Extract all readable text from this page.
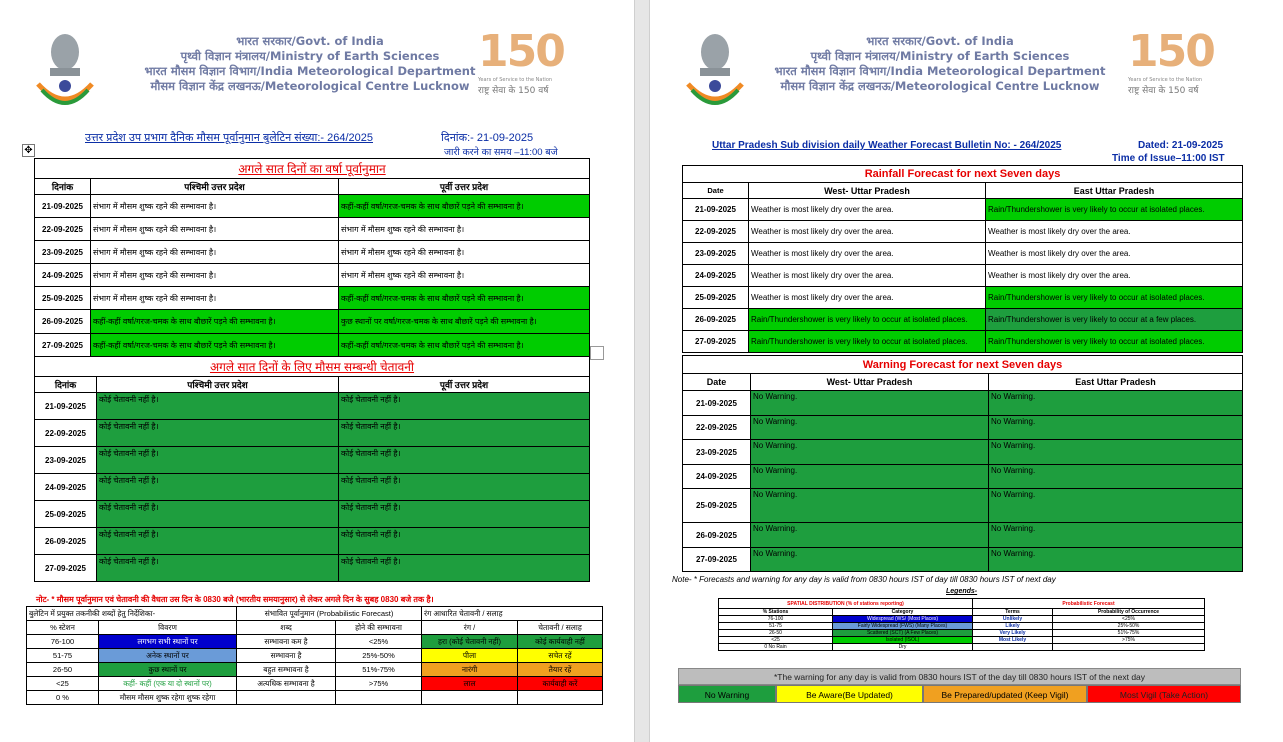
भारत सरकार/Govt. of India
पृथ्वी विज्ञान मंत्रालय/Ministry of Earth Sciences
भारत मौसम विज्ञान विभाग/India Meteorological Department
मौसम विज्ञान केंद्र लखनऊ/Meteorological Centre Lucknow
150
Years of Service to the Nation
राष्ट्र सेवा के 150 वर्ष
उत्तर प्रदेश उप प्रभाग दैनिक मौसम पूर्वानुमान बुलेटिन संख्या:- 264/2025	दिनांक:- 21-09-2025
जारी करने का समय –11:00 बजे
✥
अगले सात दिनों का वर्षा पूर्वानुमान		
दिनांक	पश्चिमी उत्तर प्रदेश	पूर्वी उत्तर प्रदेश
21-09-2025	संभाग में मौसम शुष्क रहने की सम्भावना है।	कहीं-कहीं वर्षा/गरज-चमक के साथ बौछारें पड़ने की सम्भावना है।
22-09-2025	संभाग में मौसम शुष्क रहने की सम्भावना है।	संभाग में मौसम शुष्क रहने की सम्भावना है।
23-09-2025	संभाग में मौसम शुष्क रहने की सम्भावना है।	संभाग में मौसम शुष्क रहने की सम्भावना है।
24-09-2025	संभाग में मौसम शुष्क रहने की सम्भावना है।	संभाग में मौसम शुष्क रहने की सम्भावना है।
25-09-2025	संभाग में मौसम शुष्क रहने की सम्भावना है।	कहीं-कहीं वर्षा/गरज-चमक के साथ बौछारें पड़ने की सम्भावना है।
26-09-2025	कहीं-कहीं वर्षा/गरज-चमक के साथ बौछारें पड़ने की सम्भावना है।	कुछ स्थानों पर वर्षा/गरज-चमक के साथ बौछारें पड़ने की सम्भावना है।
27-09-2025	कहीं-कहीं वर्षा/गरज-चमक के साथ बौछारें पड़ने की सम्भावना है।	कहीं-कहीं वर्षा/गरज-चमक के साथ बौछारें पड़ने की सम्भावना है।
अगले सात दिनों के लिए मौसम सम्बन्धी चेतावनी		
दिनांक	पश्चिमी उत्तर प्रदेश	पूर्वी उत्तर प्रदेश
21-09-2025	कोई चेतावनी नहीं है।	कोई चेतावनी नहीं है।
22-09-2025	कोई चेतावनी नहीं है।	कोई चेतावनी नहीं है।
23-09-2025	कोई चेतावनी नहीं है।	कोई चेतावनी नहीं है।
24-09-2025	कोई चेतावनी नहीं है।	कोई चेतावनी नहीं है।
25-09-2025	कोई चेतावनी नहीं है।	कोई चेतावनी नहीं है।
26-09-2025	कोई चेतावनी नहीं है।	कोई चेतावनी नहीं है।
27-09-2025	कोई चेतावनी नहीं है।	कोई चेतावनी नहीं है।
नोट- * मौसम पूर्वानुमान एवं चेतावनी की वैधता उस दिन के 0830 बजे (भारतीय समयानुसार) से लेकर अगले दिन के सुबह 0830 बजे तक है।
बुलेटिन में प्रयुक्त तकनीकी शब्दों हेतु निर्देशिका-		संभावित पूर्वानुमान (Probabilistic Forecast)		रंग आधारित चेतावनी / सलाह	
% स्टेशन	विवरण	शब्द	होने की सम्भावना	रंग /	चेतावनी / सलाह
76-100	लगभग सभी स्थानों पर	सम्भावना कम है	<25%	हरा (कोई चेतावनी नहीं)	कोई कार्यवाही नहीं
51-75	अनेक स्थानों पर	सम्भावना है	25%-50%	पीला	सचेत रहें
26-50	कुछ स्थानों पर	बहुत सम्भावना है	51%-75%	नारंगी	तैयार रहें
<25	कहीं- कहीं (एक या दो स्थानों पर)	अत्यधिक सम्भावना है	>75%	लाल	कार्यवाही करें
0 %	मौसम मौसम शुष्क रहेगा शुष्क रहेगा				
भारत सरकार/Govt. of India
पृथ्वी विज्ञान मंत्रालय/Ministry of Earth Sciences
भारत मौसम विज्ञान विभाग/India Meteorological Department
मौसम विज्ञान केंद्र लखनऊ/Meteorological Centre Lucknow
150
Years of Service to the Nation
राष्ट्र सेवा के 150 वर्ष
Uttar Pradesh Sub division daily Weather Forecast Bulletin No: - 264/2025	Dated: 21-09-2025
Time of Issue–11:00 IST
Rainfall Forecast for next Seven days		
Date	West- Uttar Pradesh	East Uttar Pradesh
21-09-2025	Weather is most likely dry over the area.	Rain/Thundershower is very likely to occur at isolated places.
22-09-2025	Weather is most likely dry over the area.	Weather is most likely dry over the area.
23-09-2025	Weather is most likely dry over the area.	Weather is most likely dry over the area.
24-09-2025	Weather is most likely dry over the area.	Weather is most likely dry over the area.
25-09-2025	Weather is most likely dry over the area.	Rain/Thundershower is very likely to occur at isolated places.
26-09-2025	Rain/Thundershower is very likely to occur at isolated places.	Rain/Thundershower is very likely to occur at a few places.
27-09-2025	Rain/Thundershower is very likely to occur at isolated places.	Rain/Thundershower is very likely to occur at isolated places.
Warning Forecast for next Seven days		
Date	West- Uttar Pradesh	East Uttar Pradesh
21-09-2025	No Warning.	No Warning.
22-09-2025	No Warning.	No Warning.
23-09-2025	No Warning.	No Warning.
24-09-2025	No Warning.	No Warning.
25-09-2025	No Warning.	No Warning.
26-09-2025	No Warning.	No Warning.
27-09-2025	No Warning.	No Warning.
Note- * Forecasts and warning for any day is valid from 0830 hours IST of day till 0830 hours IST of next day
Legends-
SPATIAL DISTRIBUTION (% of stations reporting)		Probabilistic Forecast	
% Stations	Category	Terms	Probability of Occurrence
76-100	Widespread (WS/ (Most Places)	Unlikely	<25%
51-75	Fairly Widespread (FWS) (Many Places)	Likely	25%-50%
26-50	Scattered (SCT) (A Few Places)	Very Likely	51%-75%
<25	Isolated (ISOL)	Most Likely	>75%
0 No Rain	Dry		
*The warning for any day is valid from 0830 hours IST of the day till 0830 hours IST of the next day
No Warning	Be Aware(Be Updated)	Be Prepared/updated (Keep Vigil)	Most Vigil (Take Action)
